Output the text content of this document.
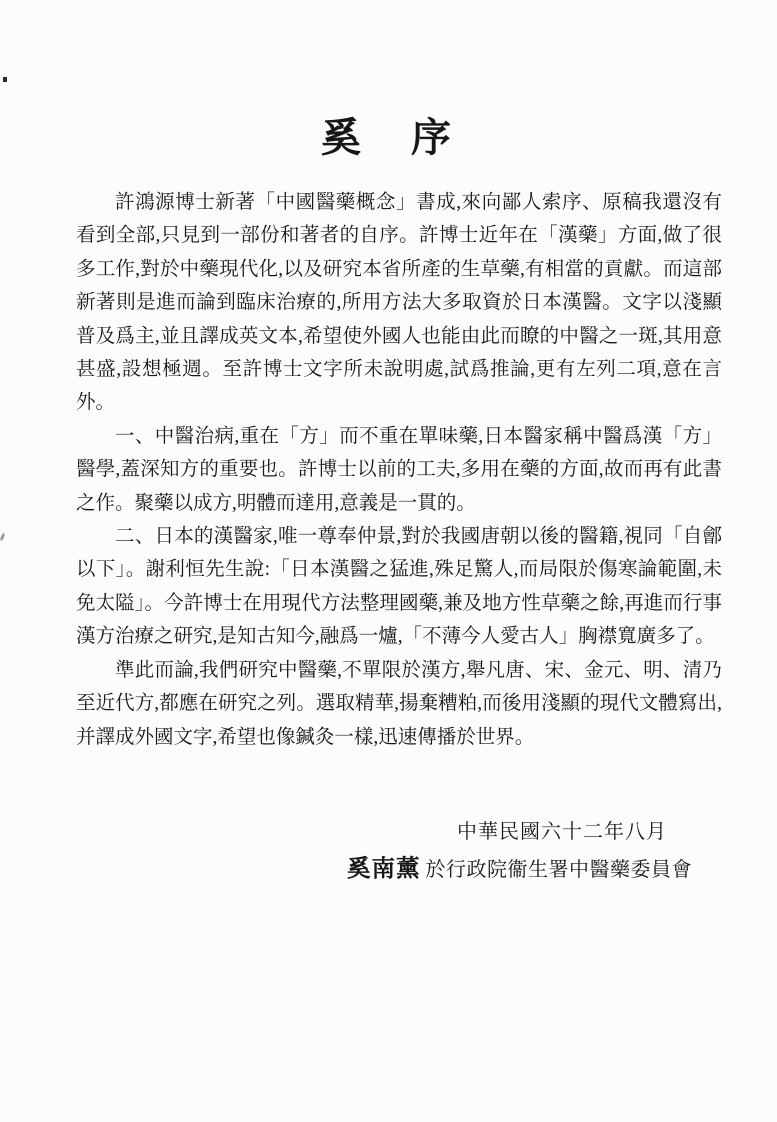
奚　序

許鴻源博士新著「中國醫藥概念」書成,來向鄙人索序、原稿我還沒有看到全部,只見到一部份和著者的自序。許博士近年在「漢藥」方面,做了很多工作,對於中藥現代化,以及研究本省所產的生草藥,有相當的貢獻。而這部新著則是進而論到臨床治療的,所用方法大多取資於日本漢醫。文字以淺顯普及爲主,並且譯成英文本,希望使外國人也能由此而瞭的中醫之一斑,其用意甚盛,設想極週。至許博士文字所未說明處,試爲推論,更有左列二項,意在言外。

一、中醫治病,重在「方」而不重在單味藥,日本醫家稱中醫爲漢「方」醫學,蓋深知方的重要也。許博士以前的工夫,多用在藥的方面,故而再有此書之作。聚藥以成方,明體而達用,意義是一貫的。

二、日本的漢醫家,唯一尊奉仲景,對於我國唐朝以後的醫籍,視同「自鄶以下」。謝利恒先生說:「日本漢醫之猛進,殊足驚人,而局限於傷寒論範圍,未免太隘」。今許博士在用現代方法整理國藥,兼及地方性草藥之餘,再進而行事漢方治療之研究,是知古知今,融爲一爐,「不薄今人愛古人」胸襟寬廣多了。

準此而論,我們研究中醫藥,不單限於漢方,舉凡唐、宋、金元、明、清乃至近代方,都應在研究之列。選取精華,揚棄糟粕,而後用淺顯的現代文體寫出,并譯成外國文字,希望也像鍼灸一樣,迅速傳播於世界。

中華民國六十二年八月
奚南薰 於行政院衞生署中醫藥委員會
